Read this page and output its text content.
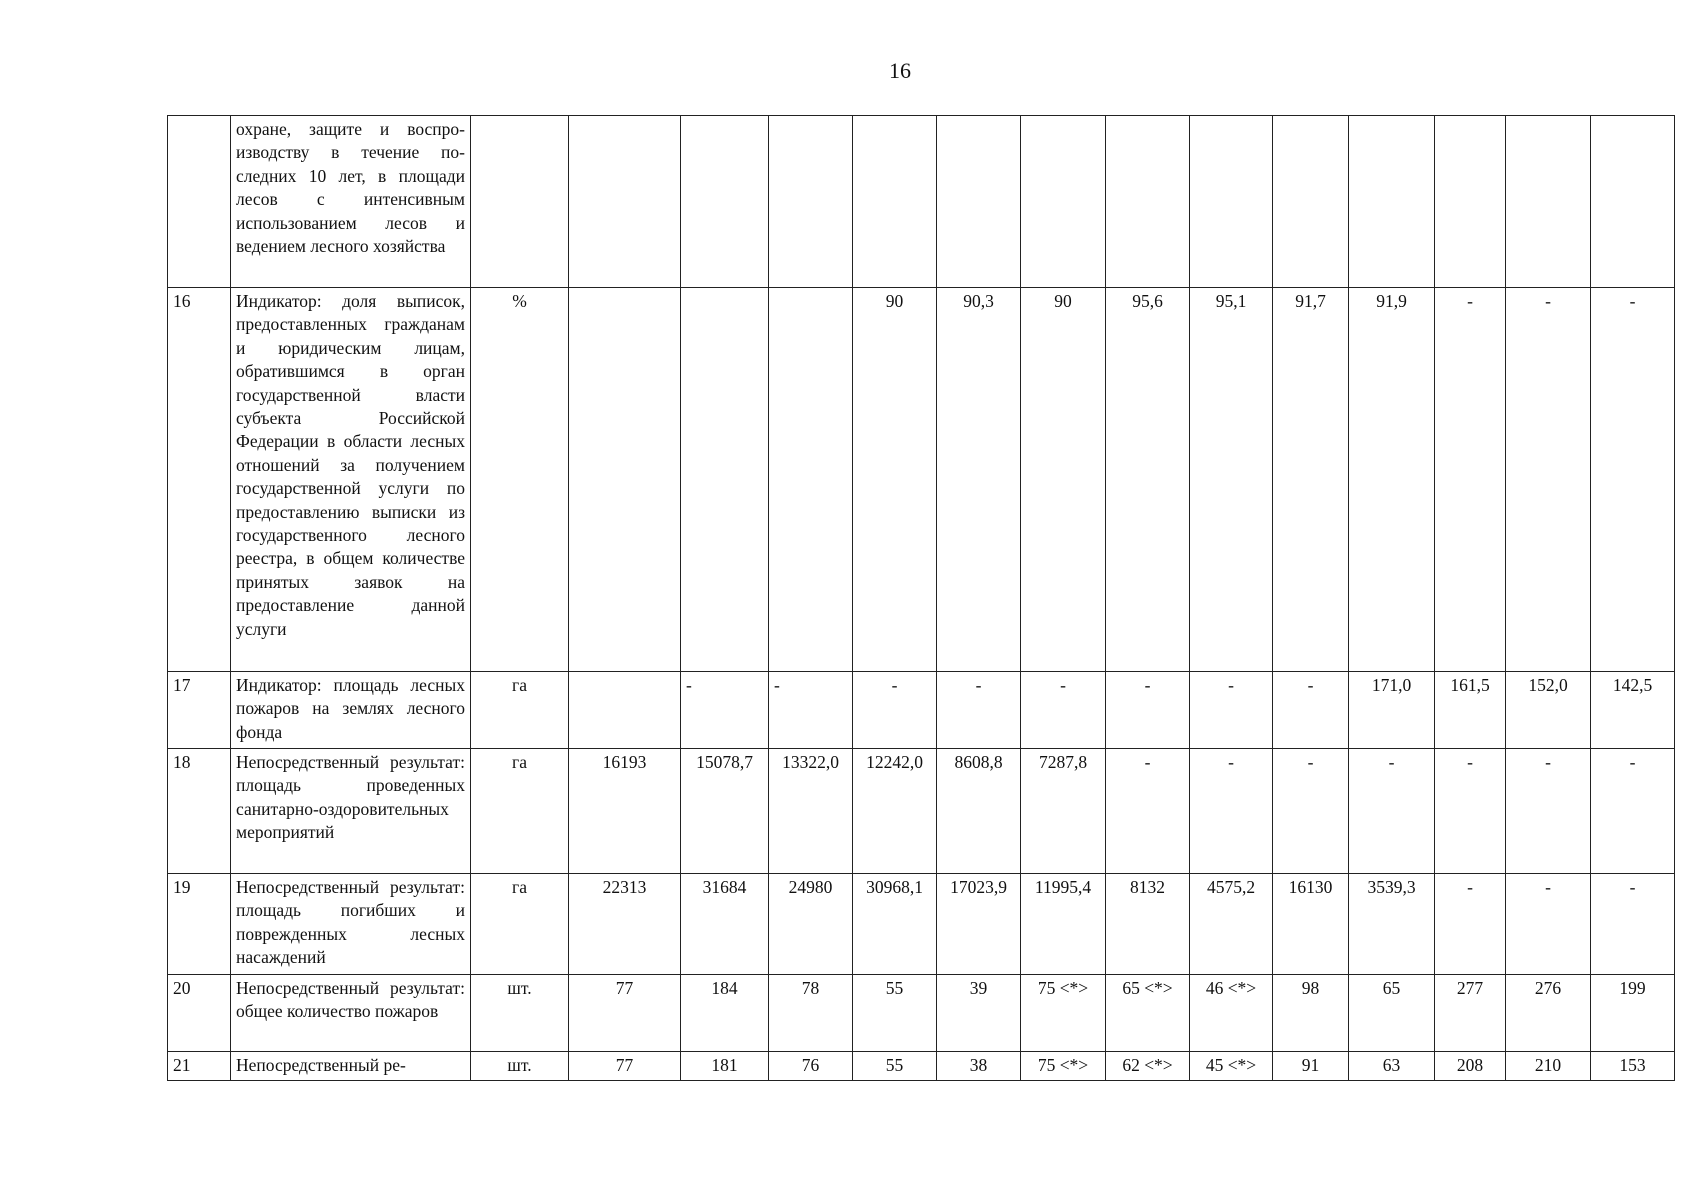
16
	охране, защите и воспроизводству в течение последних 10 лет, в площади лесов с интенсивным использованием лесов и ведением лесного хозяйства														
16	Индикатор: доля выписок, предоставленных гражданам и юридическим лицам, обратившимся в орган государственной власти субъекта Российской Федерации в области лесных отношений за получением государственной услуги по предоставлению выписки из государственного лесного реестра, в общем количестве принятых заявок на предоставление данной услуги	%				90	90,3	90	95,6	95,1	91,7	91,9	-	-	-
17	Индикатор: площадь лесных пожаров на землях лесного фонда	га		-	-	-	-	-	-	-	-	171,0	161,5	152,0	142,5
18	Непосредственный результат: площадь проведенных санитарно-оздоровительных мероприятий	га	16193	15078,7	13322,0	12242,0	8608,8	7287,8	-	-	-	-	-	-	-
19	Непосредственный результат: площадь погибших и поврежденных лесных насаждений	га	22313	31684	24980	30968,1	17023,9	11995,4	8132	4575,2	16130	3539,3	-	-	-
20	Непосредственный результат: общее количество пожаров	шт.	77	184	78	55	39	75 <*>	65 <*>	46 <*>	98	65	277	276	199
21	Непосредственный ре-	шт.	77	181	76	55	38	75 <*>	62 <*>	45 <*>	91	63	208	210	153
